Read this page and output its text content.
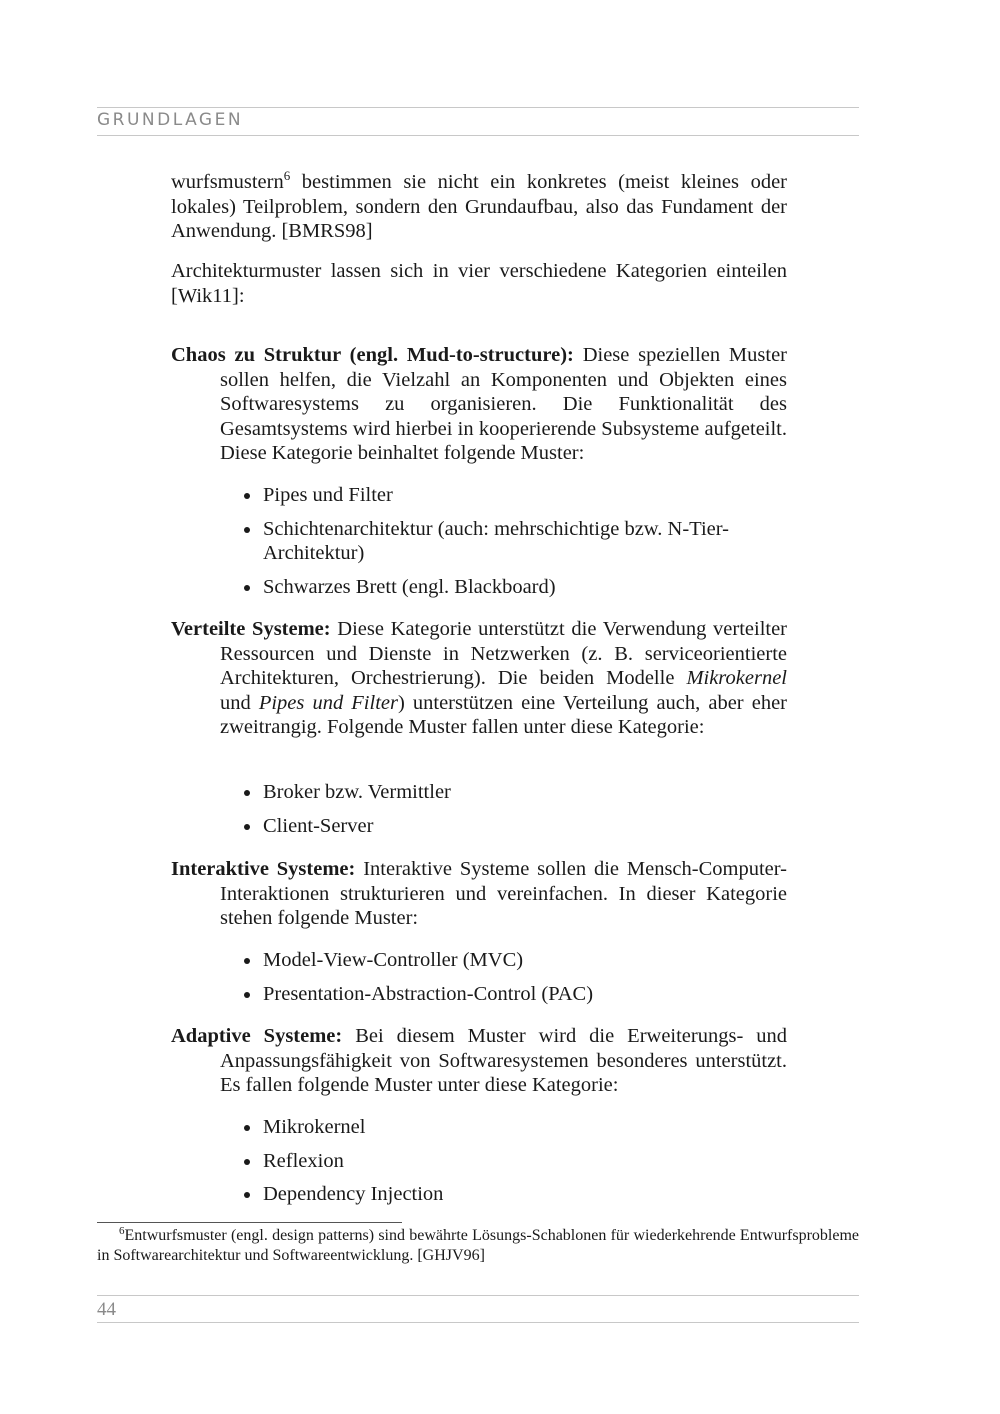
GRUNDLAGEN

wurfsmustern$^6$ bestimmen sie nicht ein konkretes (meist kleines oder lokales) Teilproblem, sondern den Grundaufbau, also das Fundament der Anwendung. [BMRS98]

Architekturmuster lassen sich in vier verschiedene Kategorien einteilen [Wik11]:

Chaos zu Struktur (engl. Mud-to-structure): Diese speziellen Muster sollen helfen, die Vielzahl an Komponenten und Objekten eines Softwaresystems zu organisieren. Die Funktionalität des Gesamtsystems wird hierbei in kooperierende Subsysteme aufgeteilt. Diese Kategorie beinhaltet folgende Muster:

Pipes und Filter
Schichtenarchitektur (auch: mehrschichtige bzw. N-Tier-Architektur)
Schwarzes Brett (engl. Blackboard)

Verteilte Systeme: Diese Kategorie unterstützt die Verwendung verteilter Ressourcen und Dienste in Netzwerken (z. B. serviceorientierte Architekturen, Orchestrierung). Die beiden Modelle Mikrokernel und Pipes und Filter) unterstützen eine Verteilung auch, aber eher zweitrangig. Folgende Muster fallen unter diese Kategorie:

Broker bzw. Vermittler
Client-Server

Interaktive Systeme: Interaktive Systeme sollen die Mensch-Computer-Interaktionen strukturieren und vereinfachen. In dieser Kategorie stehen folgende Muster:

Model-View-Controller (MVC)
Presentation-Abstraction-Control (PAC)

Adaptive Systeme: Bei diesem Muster wird die Erweiterungs- und Anpassungsfähigkeit von Softwaresystemen besonderes unterstützt. Es fallen folgende Muster unter diese Kategorie:

Mikrokernel
Reflexion
Dependency Injection

$^6$Entwurfsmuster (engl. design patterns) sind bewährte Lösungs-Schablonen für wiederkehrende Entwurfsprobleme in Softwarearchitektur und Softwareentwicklung. [GHJV96]

44
